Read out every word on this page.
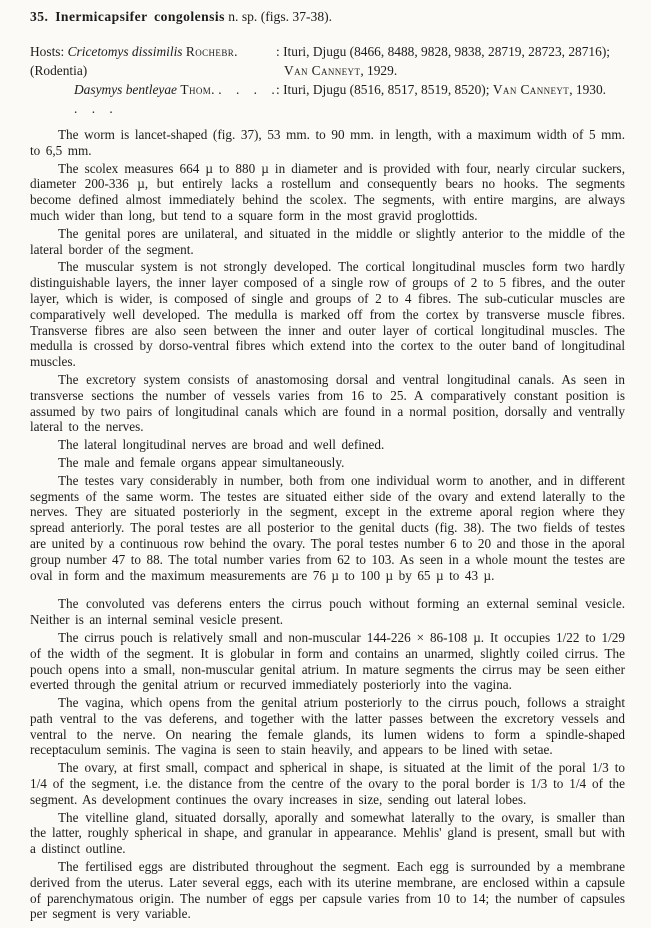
35. Inermicapsifer congolensis n. sp. (figs. 37-38).
Hosts: Cricetomys dissimilis Rochebr. (Rodentia)
: Ituri, Djugu (8466, 8488, 9828, 9838, 28719, 28723, 28716); Van Canneyt, 1929.
Dasymys bentleyae Thom. . . . . . . .
: Ituri, Djugu (8516, 8517, 8519, 8520); Van Canneyt, 1930.

The worm is lancet-shaped (fig. 37), 53 mm. to 90 mm. in length, with a maximum width of 5 mm. to 6,5 mm.

The scolex measures 664 µ to 880 µ in diameter and is provided with four, nearly circular suckers, diameter 200-336 µ, but entirely lacks a rostellum and consequently bears no hooks. The segments become defined almost immediately behind the scolex. The segments, with entire margins, are always much wider than long, but tend to a square form in the most gravid proglottids.

The genital pores are unilateral, and situated in the middle or slightly anterior to the middle of the lateral border of the segment.

The muscular system is not strongly developed. The cortical longitudinal muscles form two hardly distinguishable layers, the inner layer composed of a single row of groups of 2 to 5 fibres, and the outer layer, which is wider, is composed of single and groups of 2 to 4 fibres. The sub-cuticular muscles are comparatively well developed. The medulla is marked off from the cortex by transverse muscle fibres. Transverse fibres are also seen between the inner and outer layer of cortical longitudinal muscles. The medulla is crossed by dorso-ventral fibres which extend into the cortex to the outer band of longitudinal muscles.

The excretory system consists of anastomosing dorsal and ventral longitudinal canals. As seen in transverse sections the number of vessels varies from 16 to 25. A comparatively constant position is assumed by two pairs of longitudinal canals which are found in a normal position, dorsally and ventrally lateral to the nerves.

The lateral longitudinal nerves are broad and well defined.

The male and female organs appear simultaneously.

The testes vary considerably in number, both from one individual worm to another, and in different segments of the same worm. The testes are situated either side of the ovary and extend laterally to the nerves. They are situated posteriorly in the segment, except in the extreme aporal region where they spread anteriorly. The poral testes are all posterior to the genital ducts (fig. 38). The two fields of testes are united by a continuous row behind the ovary. The poral testes number 6 to 20 and those in the aporal group number 47 to 88. The total number varies from 62 to 103. As seen in a whole mount the testes are oval in form and the maximum measurements are 76 µ to 100 µ by 65 µ to 43 µ.

The convoluted vas deferens enters the cirrus pouch without forming an external seminal vesicle. Neither is an internal seminal vesicle present.

The cirrus pouch is relatively small and non-muscular 144-226 × 86-108 µ. It occupies 1/22 to 1/29 of the width of the segment. It is globular in form and contains an unarmed, slightly coiled cirrus. The pouch opens into a small, non-muscular genital atrium. In mature segments the cirrus may be seen either everted through the genital atrium or recurved immediately posteriorly into the vagina.

The vagina, which opens from the genital atrium posteriorly to the cirrus pouch, follows a straight path ventral to the vas deferens, and together with the latter passes between the excretory vessels and ventral to the nerve. On nearing the female glands, its lumen widens to form a spindle-shaped receptaculum seminis. The vagina is seen to stain heavily, and appears to be lined with setae.

The ovary, at first small, compact and spherical in shape, is situated at the limit of the poral 1/3 to 1/4 of the segment, i.e. the distance from the centre of the ovary to the poral border is 1/3 to 1/4 of the segment. As development continues the ovary increases in size, sending out lateral lobes.

The vitelline gland, situated dorsally, aporally and somewhat laterally to the ovary, is smaller than the latter, roughly spherical in shape, and granular in appearance. Mehlis' gland is present, small but with a distinct outline.

The fertilised eggs are distributed throughout the segment. Each egg is surrounded by a membrane derived from the uterus. Later several eggs, each with its uterine membrane, are enclosed within a capsule of parenchymatous origin. The number of eggs per capsule varies from 10 to 14; the number of capsules per segment is very variable.
